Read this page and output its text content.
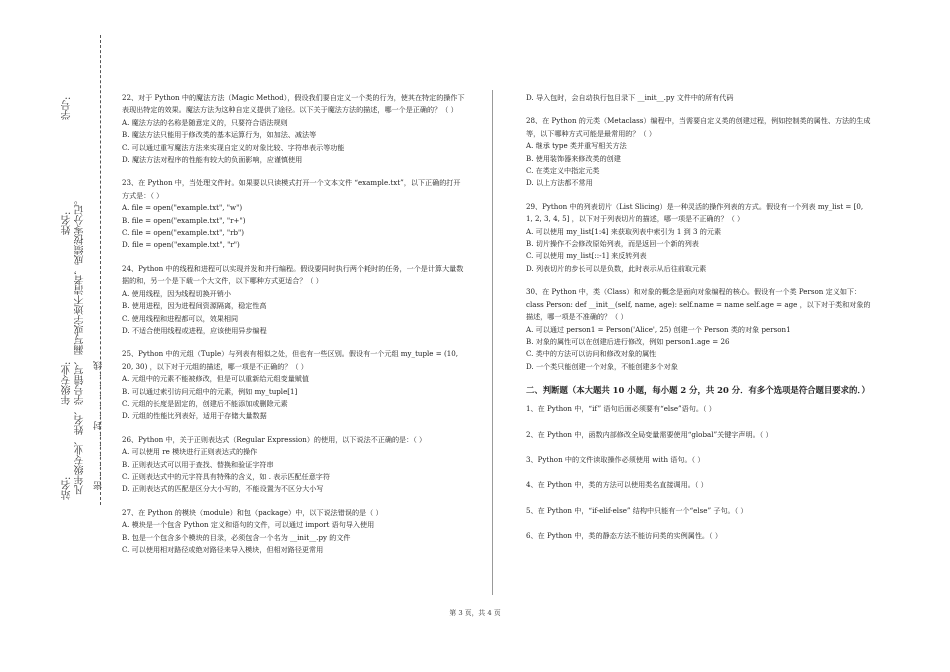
学号:
姓名: 凡年级专业、姓名、学号错写、漏写或字迹不清者，成绩按零分记。 密……………封……………线
年级专业:
站名:

22、对于 Python 中的魔法方法（Magic Method），假设我们要自定义一个类的行为，使其在特定的操作下表现出特定的效果。魔法方法为这种自定义提供了途径。以下关于魔法方法的描述，哪一个是正确的？（ ）

A. 魔法方法的名称是随意定义的，只要符合语法规则

B. 魔法方法只能用于修改类的基本运算行为，如加法、减法等

C. 可以通过重写魔法方法来实现自定义的对象比较、字符串表示等功能

D. 魔法方法对程序的性能有较大的负面影响，应谨慎使用

23、在 Python 中，当处理文件时。如果要以只读模式打开一个文本文件 “example.txt”，以下正确的打开方式是：（ ）

A. file = open("example.txt", "w")

B. file = open("example.txt", "r+")

C. file = open("example.txt", "rb")

D. file = open("example.txt", "r")

24、Python 中的线程和进程可以实现并发和并行编程。假设要同时执行两个耗时的任务，一个是计算大量数据的和，另一个是下载一个大文件，以下哪种方式更适合？（ ）

A. 使用线程，因为线程切换开销小

B. 使用进程，因为进程间资源隔离，稳定性高

C. 使用线程和进程都可以，效果相同

D. 不适合使用线程或进程，应该使用异步编程

25、Python 中的元组（Tuple）与列表有相似之处，但也有一些区别。假设有一个元组 my_tuple = (10, 20, 30) ，以下对于元组的描述，哪一项是不正确的？（ ）

A. 元组中的元素不能被修改，但是可以重新给元组变量赋值

B. 可以通过索引访问元组中的元素，例如 my_tuple[1]

C. 元组的长度是固定的，创建后不能添加或删除元素

D. 元组的性能比列表好，适用于存储大量数据

26、Python 中，关于正则表达式（Regular Expression）的使用，以下说法不正确的是：（ ）

A. 可以使用 re 模块进行正则表达式的操作

B. 正则表达式可以用于查找、替换和验证字符串

C. 正则表达式中的元字符具有特殊的含义，如 . 表示匹配任意字符

D. 正则表达式的匹配是区分大小写的，不能设置为不区分大小写

27、在 Python 的模块（module）和包（package）中，以下说法错误的是（ ）

A. 模块是一个包含 Python 定义和语句的文件，可以通过 import 语句导入使用

B. 包是一个包含多个模块的目录，必须包含一个名为 __init__.py 的文件

C. 可以使用相对路径或绝对路径来导入模块，但相对路径更常用

D. 导入包时，会自动执行包目录下 __init__.py 文件中的所有代码

28、在 Python 的元类（Metaclass）编程中，当需要自定义类的创建过程，例如控制类的属性、方法的生成等，以下哪种方式可能是最常用的？（ ）

A. 继承 type 类并重写相关方法

B. 使用装饰器来修改类的创建

C. 在类定义中指定元类

D. 以上方法都不常用

29、Python 中的列表切片（List Slicing）是一种灵活的操作列表的方式。假设有一个列表 my_list = [0, 1, 2, 3, 4, 5] ，以下对于列表切片的描述，哪一项是不正确的？（ ）

A. 可以使用 my_list[1:4] 来获取列表中索引为 1 到 3 的元素

B. 切片操作不会修改原始列表，而是返回一个新的列表

C. 可以使用 my_list[::-1] 来反转列表

D. 列表切片的步长可以是负数，此时表示从后往前取元素

30、在 Python 中，类（Class）和对象的概念是面向对象编程的核心。假设有一个类 Person 定义如下： class Person: def __init__(self, name, age): self.name = name self.age = age ，以下对于类和对象的描述，哪一项是不准确的？（ ）

A. 可以通过 person1 = Person('Alice', 25) 创建一个 Person 类的对象 person1

B. 对象的属性可以在创建后进行修改，例如 person1.age = 26

C. 类中的方法可以访问和修改对象的属性

D. 一个类只能创建一个对象，不能创建多个对象

二、判断题（本大题共 10 小题，每小题 2 分，共 20 分．有多个选项是符合题目要求的．）
1、在 Python 中，“if” 语句后面必须要有“else”语句。（ ）
2、在 Python 中，函数内部修改全局变量需要使用“global”关键字声明。（ ）
3、Python 中的文件读取操作必须使用 with 语句。（ ）
4、在 Python 中，类的方法可以使用类名直接调用。（ ）
5、在 Python 中，“if-elif-else” 结构中只能有一个“else” 子句。（ ）
6、在 Python 中，类的静态方法不能访问类的实例属性。（ ）
第 3 页，共 4 页
